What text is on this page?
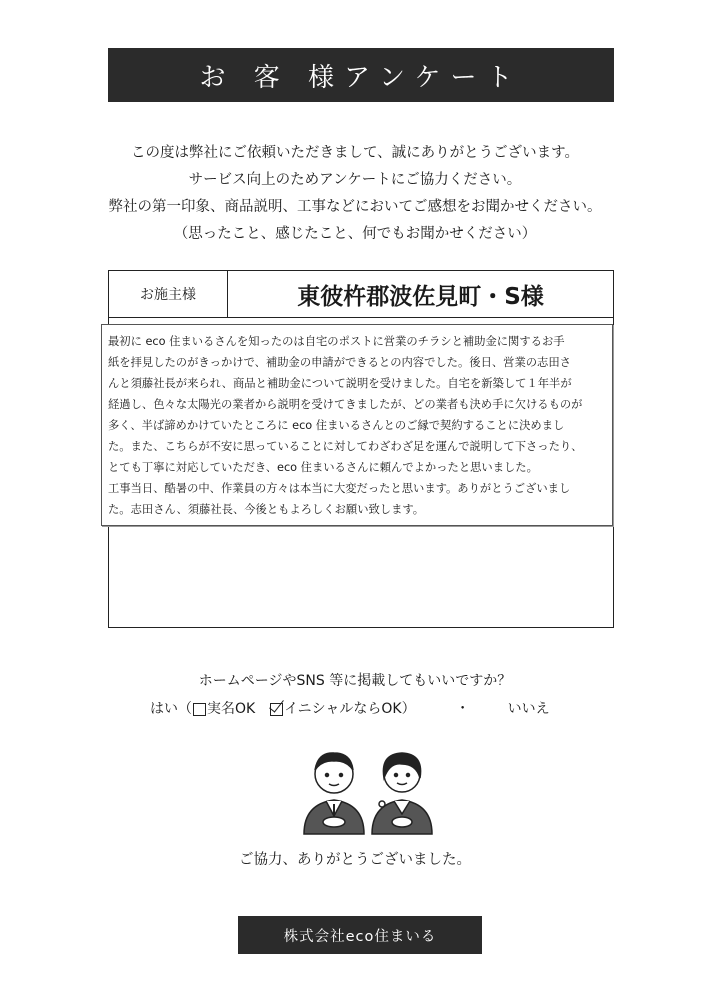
お 客 様アンケート
この度は弊社にご依頼いただきまして、誠にありがとうございます。
サービス向上のためアンケートにご協力ください。
弊社の第一印象、商品説明、工事などにおいてご感想をお聞かせください。
（思ったこと、感じたこと、何でもお聞かせください）
お施主様	東彼杵郡波佐見町・S様
最初に eco 住まいるさんを知ったのは自宅のポストに営業のチラシと補助金に関するお手
紙を拝見したのがきっかけで、補助金の申請ができるとの内容でした。後日、営業の志田さ
んと須藤社長が来られ、商品と補助金について説明を受けました。自宅を新築して１年半が
経過し、色々な太陽光の業者から説明を受けてきましたが、どの業者も決め手に欠けるものが
多く、半ば諦めかけていたところに eco 住まいるさんとのご縁で契約することに決めまし
た。また、こちらが不安に思っていることに対してわざわざ足を運んで説明して下さったり、
とても丁寧に対応していただき、eco 住まいるさんに頼んでよかったと思いました。
工事当日、酷暑の中、作業員の方々は本当に大変だったと思います。ありがとうございまし
た。志田さん、須藤社長、今後ともよろしくお願い致します。
ホームページやSNS 等に掲載してもいいですか？
はい（ 実名OK イニシャルならOK）	・	いいえ
ご協力、ありがとうございました。
株式会社eco住まいる
